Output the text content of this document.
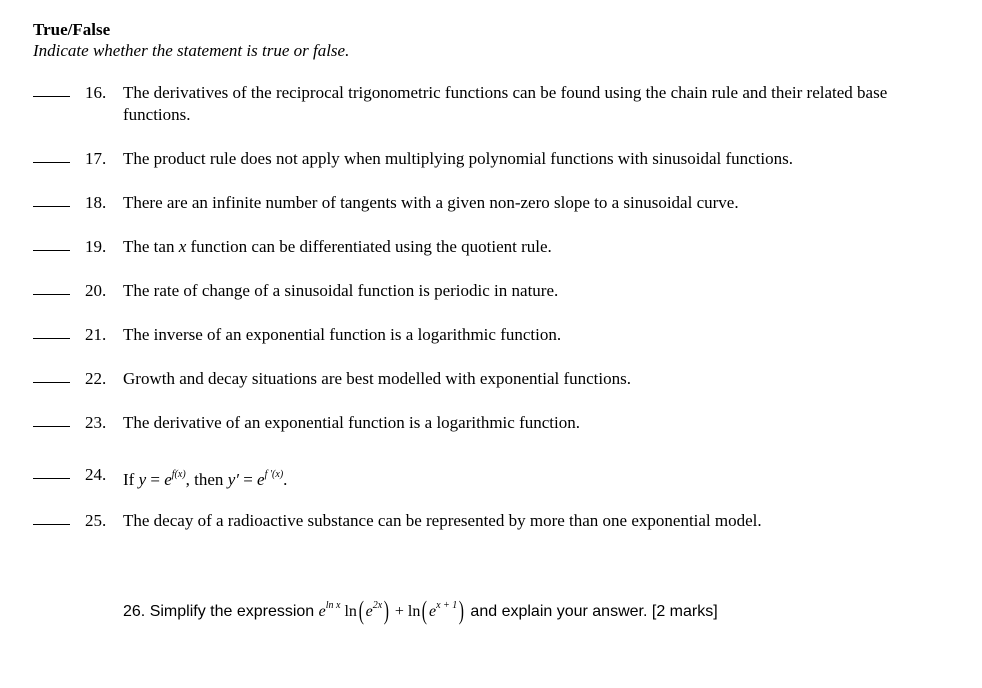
True/False
Indicate whether the statement is true or false.
16. The derivatives of the reciprocal trigonometric functions can be found using the chain rule and their related base functions.
17. The product rule does not apply when multiplying polynomial functions with sinusoidal functions.
18. There are an infinite number of tangents with a given non-zero slope to a sinusoidal curve.
19. The tan x function can be differentiated using the quotient rule.
20. The rate of change of a sinusoidal function is periodic in nature.
21. The inverse of an exponential function is a logarithmic function.
22. Growth and decay situations are best modelled with exponential functions.
23. The derivative of an exponential function is a logarithmic function.
24. If $y = e^{f(x)}$, then $y' = e^{f '(x)}$.
25. The decay of a radioactive substance can be represented by more than one exponential model.
26. Simplify the expression $e^{ln x}$ ln( $e^{2x}) + \ln$( $e^{x + 1}$) and explain your answer. [2 marks]
